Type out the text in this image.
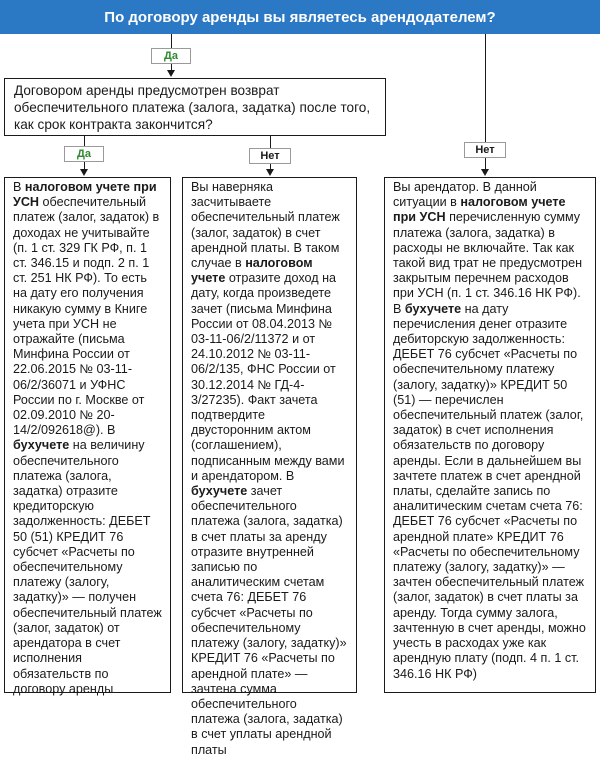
По договору аренды вы являетесь арендодателем?
Да
Нет
Договором аренды предусмотрен возврат обеспечительного платежа (залога, задатка) после того, как срок контракта закончится?
Да	Нет
В налоговом учете при УСН обеспечительный платеж (залог, задаток) в доходах не учитывайте (п. 1 ст. 329 ГК РФ, п. 1 ст. 346.15 и подп. 2 п. 1 ст. 251 НК РФ). То есть на дату его получения никакую сумму в Книге учета при УСН не отражайте (письма Минфина России от 22.06.2015 № 03-11-06/2/36071 и УФНС России по г. Москве от 02.09.2010 № 20-14/2/092618@). В бухучете на величину обеспечительного платежа (залога, задатка) отразите кредиторскую задолженность: ДЕБЕТ 50 (51) КРЕДИТ 76 субсчет «Расчеты по обеспечительному платежу (залогу, задатку)» — получен обеспечительный платеж (залог, задаток) от арендатора в счет исполнения обязательств по договору аренды
Вы наверняка засчитываете обеспечительный платеж (залог, задаток) в счет арендной платы. В таком случае в налоговом учете отразите доход на дату, когда произведете зачет (письма Минфина России от 08.04.2013 № 03-11-06/2/11372 и от 24.10.2012 № 03-11-06/2/135, ФНС России от 30.12.2014 № ГД-4-3/27235). Факт зачета подтвердите двусторонним актом (соглашением), подписанным между вами и арендатором. В бухучете зачет обеспечительного платежа (залога, задатка) в счет платы за аренду отразите внутренней записью по аналитическим счетам счета 76: ДЕБЕТ 76 субсчет «Расчеты по обеспечительному платежу (залогу, задатку)» КРЕДИТ 76 «Расчеты по арендной плате» — зачтена сумма обеспечительного платежа (залога, задатка) в счет уплаты арендной платы
Вы арендатор. В данной ситуации в налоговом учете при УСН перечисленную сумму платежа (залога, задатка) в расходы не включайте. Так как такой вид трат не предусмотрен закрытым перечнем расходов при УСН (п. 1 ст. 346.16 НК РФ). В бухучете на дату перечисления денег отразите дебиторскую задолженность: ДЕБЕТ 76 субсчет «Расчеты по обеспечительному платежу (залогу, задатку)» КРЕДИТ 50 (51) — перечислен обеспечительный платеж (залог, задаток) в счет исполнения обязательств по договору аренды. Если в дальнейшем вы зачтете платеж в счет арендной платы, сделайте запись по аналитическим счетам счета 76: ДЕБЕТ 76 субсчет «Расчеты по арендной плате» КРЕДИТ 76 «Расчеты по обеспечительному платежу (залогу, задатку)» — зачтен обеспечительный платеж (залог, задаток) в счет платы за аренду. Тогда сумму залога, зачтенную в счет аренды, можно учесть в расходах уже как арендную плату (подп. 4 п. 1 ст. 346.16 НК РФ)
